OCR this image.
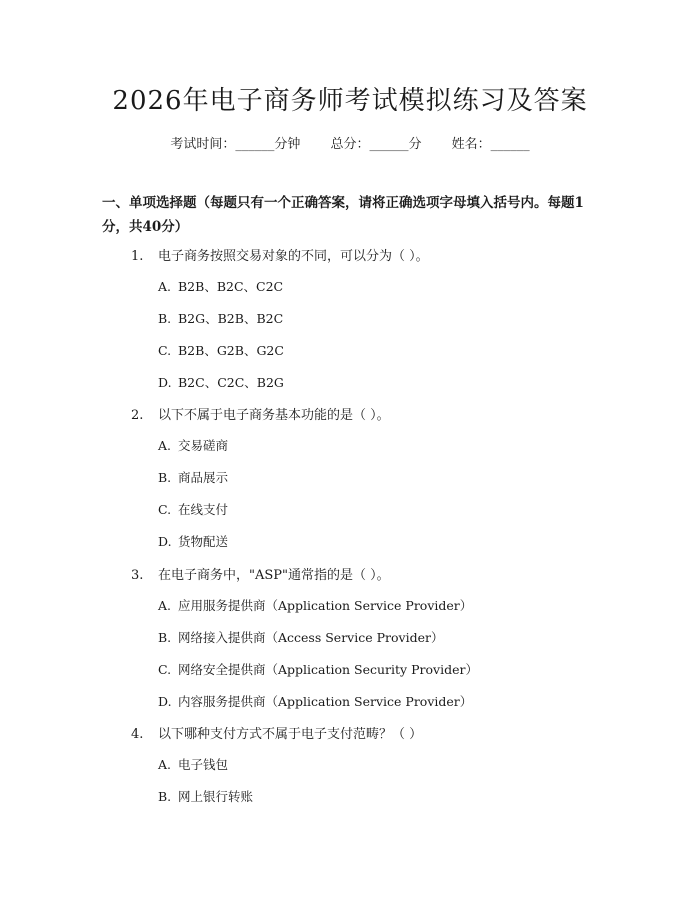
2026年电子商务师考试模拟练习及答案
考试时间：______分钟 总分：______分 姓名：______
一、单项选择题（每题只有一个正确答案，请将正确选项字母填入括号内。每题1分，共40分）
1. 电子商务按照交易对象的不同，可以分为（ ）。
A. B2B、B2C、C2C
B. B2G、B2B、B2C
C. B2B、G2B、G2C
D. B2C、C2C、B2G
2. 以下不属于电子商务基本功能的是（ ）。
A. 交易磋商
B. 商品展示
C. 在线支付
D. 货物配送
3. 在电子商务中，"ASP"通常指的是（ ）。
A. 应用服务提供商（Application Service Provider）
B. 网络接入提供商（Access Service Provider）
C. 网络安全提供商（Application Security Provider）
D. 内容服务提供商（Application Service Provider）
4. 以下哪种支付方式不属于电子支付范畴？（ ）
A. 电子钱包
B. 网上银行转账
